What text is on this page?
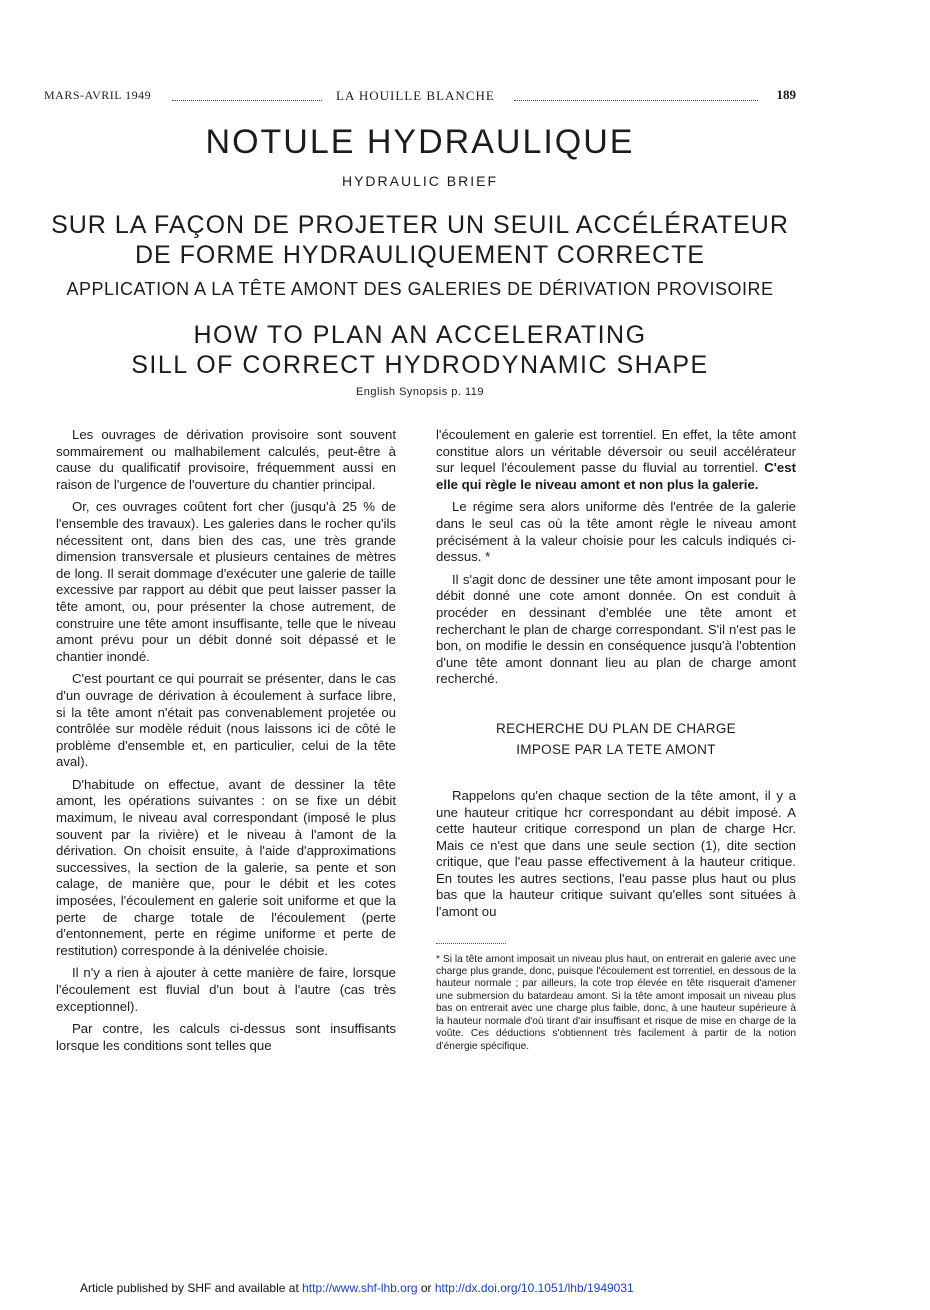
MARS-AVRIL 1949	LA HOUILLE BLANCHE	189
NOTULE HYDRAULIQUE
HYDRAULIC BRIEF
SUR LA FAÇON DE PROJETER UN SEUIL ACCÉLÉRATEUR
DE FORME HYDRAULIQUEMENT CORRECTE
APPLICATION A LA TÊTE AMONT DES GALERIES DE DÉRIVATION PROVISOIRE
HOW TO PLAN AN ACCELERATING
SILL OF CORRECT HYDRODYNAMIC SHAPE
English Synopsis p. 119

Les ouvrages de dérivation provisoire sont souvent sommairement ou malhabilement calculés, peut-être à cause du qualificatif provisoire, fréquemment aussi en raison de l'urgence de l'ouverture du chantier principal.

Or, ces ouvrages coûtent fort cher (jusqu'à 25 % de l'ensemble des travaux). Les galeries dans le rocher qu'ils nécessitent ont, dans bien des cas, une très grande dimension transversale et plusieurs centaines de mètres de long. Il serait dommage d'exécuter une galerie de taille excessive par rapport au débit que peut laisser passer la tête amont, ou, pour présenter la chose autrement, de construire une tête amont insuffisante, telle que le niveau amont prévu pour un débit donné soit dépassé et le chantier inondé.

C'est pourtant ce qui pourrait se présenter, dans le cas d'un ouvrage de dérivation à écoulement à surface libre, si la tête amont n'était pas convenablement projetée ou contrôlée sur modèle réduit (nous laissons ici de côté le problème d'ensemble et, en particulier, celui de la tête aval).

D'habitude on effectue, avant de dessiner la tête amont, les opérations suivantes : on se fixe un débit maximum, le niveau aval correspondant (imposé le plus souvent par la rivière) et le niveau à l'amont de la dérivation. On choisit ensuite, à l'aide d'approximations successives, la section de la galerie, sa pente et son calage, de manière que, pour le débit et les cotes imposées, l'écoulement en galerie soit uniforme et que la perte de charge totale de l'écoulement (perte d'entonnement, perte en régime uniforme et perte de restitution) corresponde à la dénivelée choisie.

Il n'y a rien à ajouter à cette manière de faire, lorsque l'écoulement est fluvial d'un bout à l'autre (cas très exceptionnel).

Par contre, les calculs ci-dessus sont insuffisants lorsque les conditions sont telles que

l'écoulement en galerie est torrentiel. En effet, la tête amont constitue alors un véritable déversoir ou seuil accélérateur sur lequel l'écoulement passe du fluvial au torrentiel. C'est elle qui règle le niveau amont et non plus la galerie.

Le régime sera alors uniforme dès l'entrée de la galerie dans le seul cas où la tête amont règle le niveau amont précisément à la valeur choisie pour les calculs indiqués ci-dessus. *

Il s'agit donc de dessiner une tête amont imposant pour le débit donné une cote amont donnée. On est conduit à procéder en dessinant d'emblée une tête amont et recherchant le plan de charge correspondant. S'il n'est pas le bon, on modifie le dessin en conséquence jusqu'à l'obtention d'une tête amont donnant lieu au plan de charge amont recherché.

RECHERCHE DU PLAN DE CHARGE
IMPOSE PAR LA TETE AMONT

Rappelons qu'en chaque section de la tête amont, il y a une hauteur critique hcr correspondant au débit imposé. A cette hauteur critique correspond un plan de charge Hcr. Mais ce n'est que dans une seule section (1), dite section critique, que l'eau passe effectivement à la hauteur critique. En toutes les autres sections, l'eau passe plus haut ou plus bas que la hauteur critique suivant qu'elles sont situées à l'amont ou

* Si la tête amont imposait un niveau plus haut, on entrerait en galerie avec une charge plus grande, donc, puisque l'écoulement est torrentiel, en dessous de la hauteur normale ; par ailleurs, la cote trop élevée en tête risquerait d'amener une submersion du batardeau amont. Si la tête amont imposait un niveau plus bas on entrerait avec une charge plus faible, donc, à une hauteur supérieure à la hauteur normale d'où tirant d'air insuffisant et risque de mise en charge de la voûte. Ces déductions s'obtiennent très facilement à partir de la notion d'énergie spécifique.

Article published by SHF and available at http://www.shf-lhb.org or http://dx.doi.org/10.1051/lhb/1949031
